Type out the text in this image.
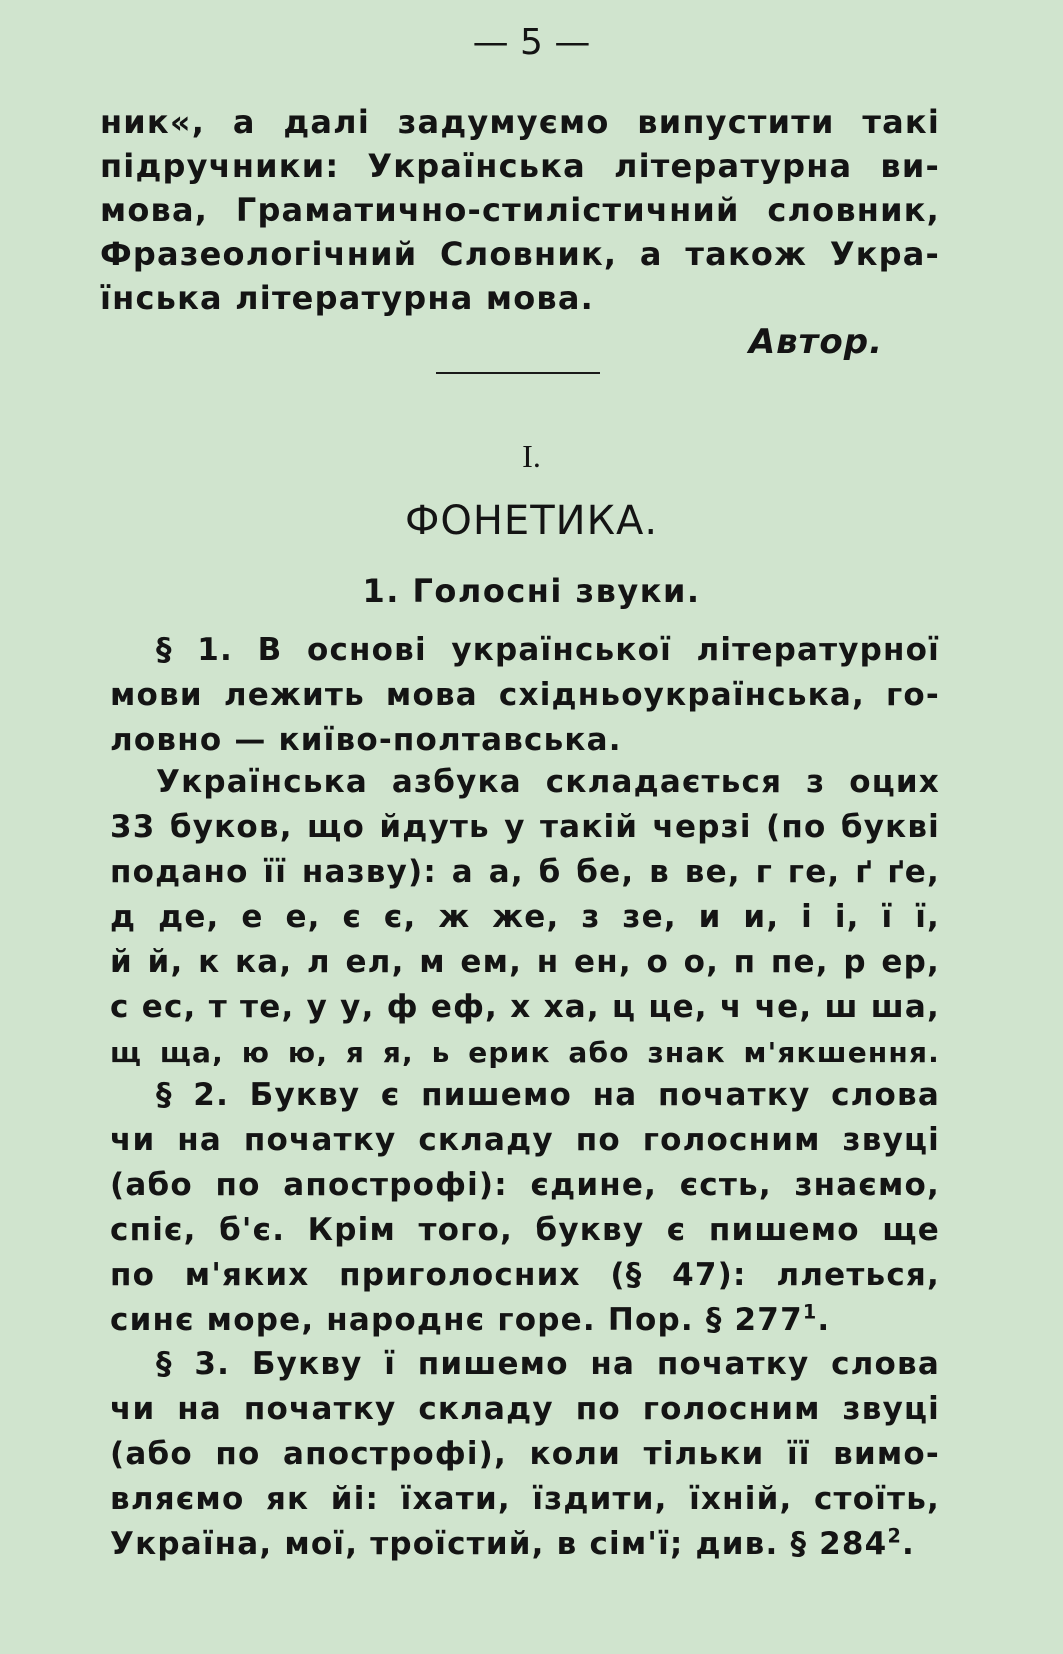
— 5 —
ник«, а далі задумуємо випустити такі
підручники: Українська літературна ви-
мова, Граматично-стилістичний словник,
Фразеологічний Словник, а також Укра-
їнська літературна мова.
Автор.
I.
ФОНЕТИКА.
1. Голосні звуки.
§ 1. В основі української літературної
мови лежить мова східньоукраїнська, го-
ловно — київо-полтавська.
Українська азбука складається з оцих
33 буков, що йдуть у такій черзі (по букві
подано її назву): а а, б бе, в ве, г ге, ґ ґе,
д де, е е, є є, ж же, з зе, и и, і і, ї ї,
й й, к ка, л ел, м ем, н ен, о о, п пе, р ер,
с ес, т те, у у, ф еф, х ха, ц це, ч че, ш ша,
щ ща, ю ю, я я, ь ерик або знак м'якшення.
§ 2. Букву є пишемо на початку слова
чи на початку складу по голосним звуці
(або по апострофі): єдине, єсть, знаємо,
спіє, б'є. Крім того, букву є пишемо ще
по м'яких приголосних (§ 47): ллеться,
синє море, народнє горе. Пор. § $277^1$.
§ 3. Букву ї пишемо на початку слова
чи на початку складу по голосним звуці
(або по апострофі), коли тільки її вимо-
вляємо як йі: їхати, їздити, їхній, стоїть,
Україна, мої, троїстий, в сім'ї; див. § $284^2$.
